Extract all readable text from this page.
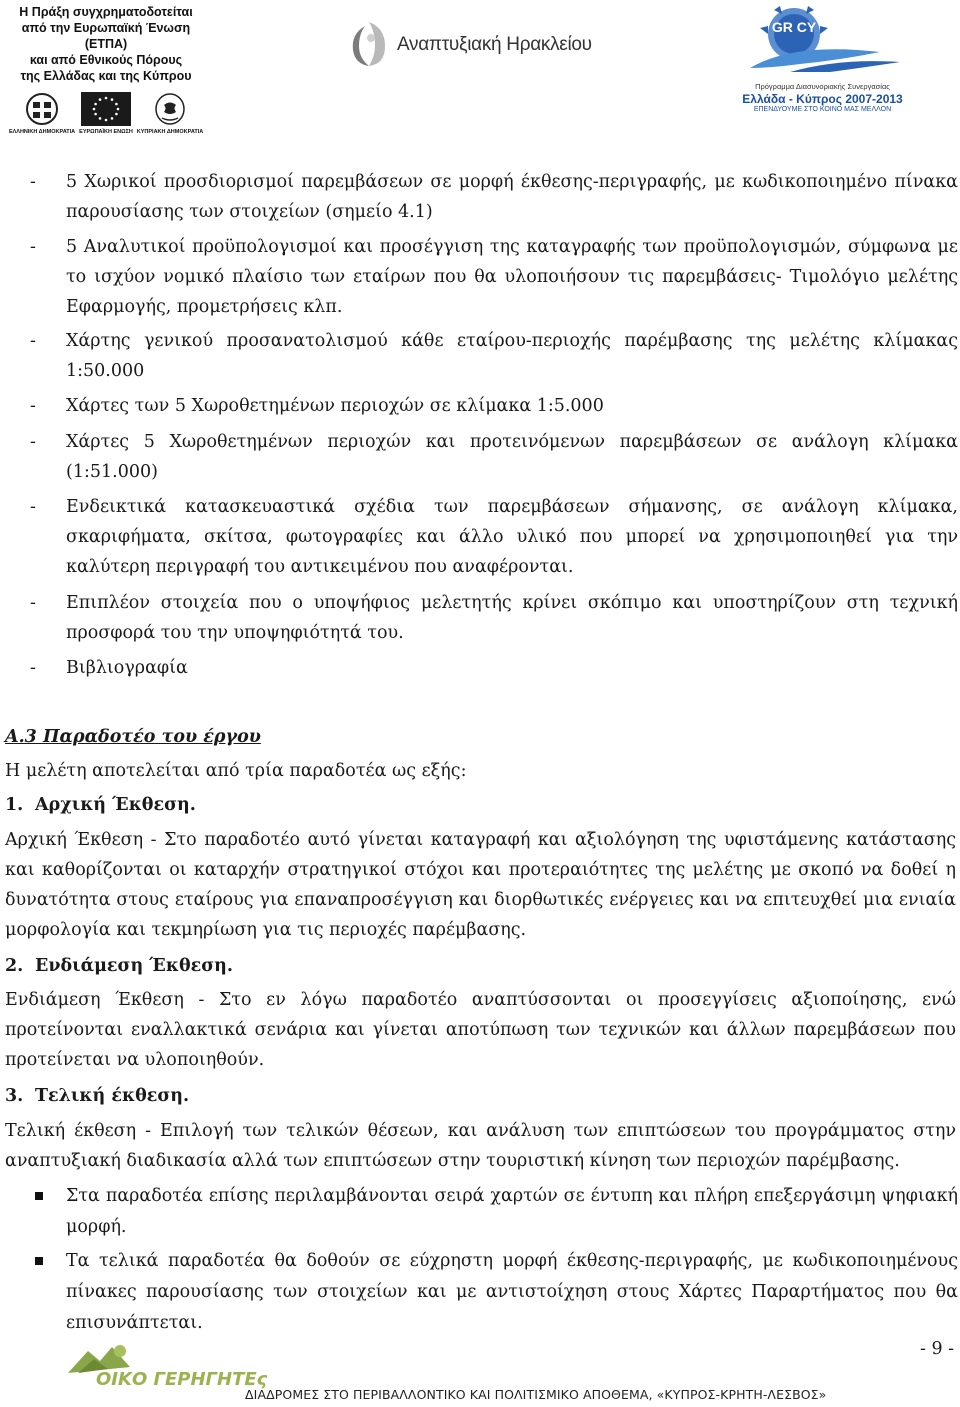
Η Πράξη συγχρηματοδοτείται
από την Ευρωπαϊκή Ένωση (ΕΤΠΑ)
και από Εθνικούς Πόρους
της Ελλάδας και της Κύπρου
ΕΛΛΗΝΙΚΗ ΔΗΜΟΚΡΑΤΙΑ ΕΥΡΩΠΑΪΚΗ ΕΝΩΣΗ ΚΥΠΡΙΑΚΗ ΔΗΜΟΚΡΑΤΙΑ
Αναπτυξιακή Ηρακλείου
GR CY
Πρόγραμμα Διασυνοριακής Συνεργασίας
Ελλάδα - Κύπρος 2007-2013
ΕΠΕΝΔΥΟΥΜΕ ΣΤΟ ΚΟΙΝΟ ΜΑΣ ΜΕΛΛΟΝ
- 5 Χωρικοί προσδιορισμοί παρεμβάσεων σε μορφή έκθεσης-περιγραφής, με κωδικοποιημένο πίνακα παρουσίασης των στοιχείων (σημείο 4.1)
- 5 Αναλυτικοί προϋπολογισμοί και προσέγγιση της καταγραφής των προϋπολογισμών, σύμφωνα με το ισχύον νομικό πλαίσιο των εταίρων που θα υλοποιήσουν τις παρεμβάσεις- Τιμολόγιο μελέτης Εφαρμογής, προμετρήσεις κλπ.
- Χάρτης γενικού προσανατολισμού κάθε εταίρου-περιοχής παρέμβασης της μελέτης κλίμακας 1:50.000
- Χάρτες των 5 Χωροθετημένων περιοχών σε κλίμακα 1:5.000
- Χάρτες 5 Χωροθετημένων περιοχών και προτεινόμενων παρεμβάσεων σε ανάλογη κλίμακα (1:51.000)
- Ενδεικτικά κατασκευαστικά σχέδια των παρεμβάσεων σήμανσης, σε ανάλογη κλίμακα, σκαριφήματα, σκίτσα, φωτογραφίες και άλλο υλικό που μπορεί να χρησιμοποιηθεί για την καλύτερη περιγραφή του αντικειμένου που αναφέρονται.
- Επιπλέον στοιχεία που ο υποψήφιος μελετητής κρίνει σκόπιμο και υποστηρίζουν στη τεχνική προσφορά του την υποψηφιότητά του.
- Βιβλιογραφία
Α.3 Παραδοτέο του έργου
Η μελέτη αποτελείται από τρία παραδοτέα ως εξής:
1. Αρχική Έκθεση.
Αρχική Έκθεση - Στο παραδοτέο αυτό γίνεται καταγραφή και αξιολόγηση της υφιστάμενης κατάστασης και καθορίζονται οι καταρχήν στρατηγικοί στόχοι και προτεραιότητες της μελέτης με σκοπό να δοθεί η δυνατότητα στους εταίρους για επαναπροσέγγιση και διορθωτικές ενέργειες και να επιτευχθεί μια ενιαία μορφολογία και τεκμηρίωση για τις περιοχές παρέμβασης.
2. Ενδιάμεση Έκθεση.
Ενδιάμεση Έκθεση - Στο εν λόγω παραδοτέο αναπτύσσονται οι προσεγγίσεις αξιοποίησης, ενώ προτείνονται εναλλακτικά σενάρια και γίνεται αποτύπωση των τεχνικών και άλλων παρεμβάσεων που προτείνεται να υλοποιηθούν.
3. Τελική έκθεση.
Τελική έκθεση - Επιλογή των τελικών θέσεων, και ανάλυση των επιπτώσεων του προγράμματος στην αναπτυξιακή διαδικασία αλλά των επιπτώσεων στην τουριστική κίνηση των περιοχών παρέμβασης.
Στα παραδοτέα επίσης περιλαμβάνονται σειρά χαρτών σε έντυπη και πλήρη επεξεργάσιμη ψηφιακή μορφή.
Τα τελικά παραδοτέα θα δοθούν σε εύχρηστη μορφή έκθεσης-περιγραφής, με κωδικοποιημένους πίνακες παρουσίασης των στοιχείων και με αντιστοίχηση στους Χάρτες Παραρτήματος που θα επισυνάπτεται.
- 9 -
ΟΙΚΟ ΓΕΡΗΓΗΤΕς
ΔΙΑΔΡΟΜΕΣ ΣΤΟ ΠΕΡΙΒΑΛΛΟΝΤΙΚΟ ΚΑΙ ΠΟΛΙΤΙΣΜΙΚΟ ΑΠΟΘΕΜΑ, «ΚΥΠΡΟΣ-ΚΡΗΤΗ-ΛΕΣΒΟΣ»
